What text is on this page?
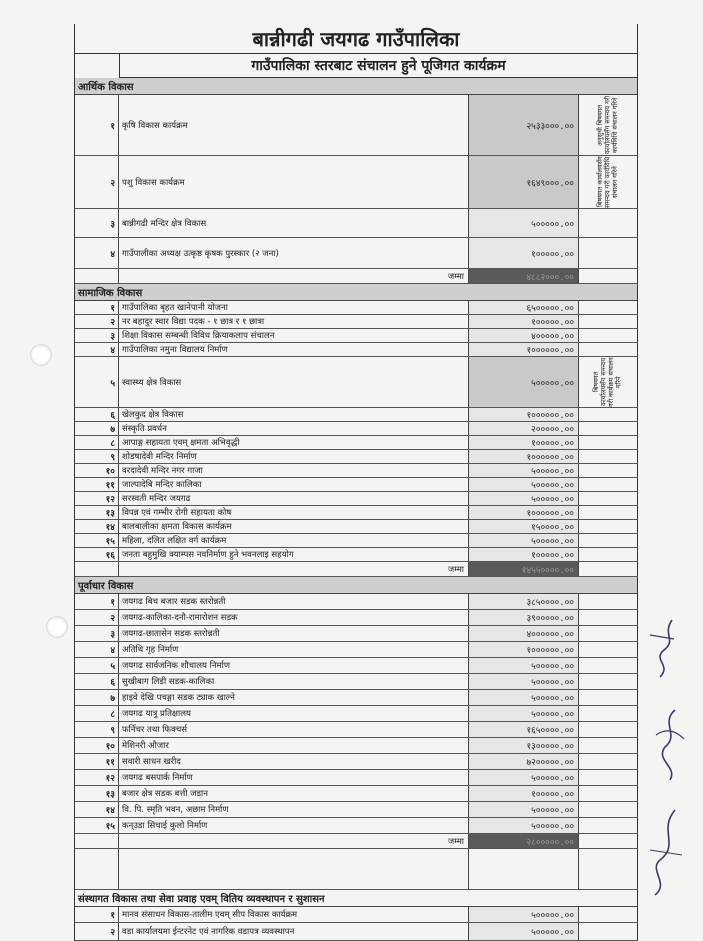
बान्नीगढी जयगढ गाउँपालिका
गाउँपालिका स्तरबाट संचालन हुने पूजिगत कार्यक्रम
आर्थिक विकास
१ कृषि विकास कार्यक्रम	२५३३०००.००	अनुसुची बिषयगत कार्यालयसँग समन्वय गरी कार्यविधि संचालन गरिने
२ पशु विकास कार्यक्रम	१६४९०००.००	बिषयगत कार्यालयसँग समन्वय गरी कार्यविधि संचालन गरिने
३ बान्नीगढी मन्दिर क्षेत्र विकास	५०००००.००
४ गाउँपालीका अध्यक्ष उत्कृष्ठ कृषक पुरस्कार (२ जना)	१०००००.००
जम्मा	४८८२०००.००
सामाजिक विकास
१ गाउँपालिका बृहत खानेपानी योजना	६५०००००.००
२ नर बहादुर स्वार विद्या पदक - १ छात्र र १ छात्रा	१०००००.००
३ शिक्षा विकास सम्बन्धी विविध क्रियाकलाप संचालन	४०००००.००
४ गाउँपालिका नमुना विद्यालय निर्माण	१००००००.००
५ स्वास्थ्य क्षेत्र विकास	५०००००.००	बिषयगत कार्यालयसँग समन्वय गरी कार्यक्रम संचालन गरिने
६ खेलकुद क्षेत्र विकास	१००००००.००
७ संस्कृति प्रवर्धन	२०००००.००
८ आपाङ्ग सहायता एवम् क्षमता अभिवृद्धी	१०००००.००
९ शोडषादेवी मन्दिर निर्माण	१००००००.००
१० वरदादेवी मन्दिर नगर गाजा	५०००००.००
११ जाल्पादेबि मन्दिर कालिका	५०००००.००
१२ सरस्वती मन्दिर जयगढ	५०००००.००
१३ विपन्न एवं गम्भीर रोगी सहायता कोष	१००००००.००
१४ बालबालीका क्षमता विकास कार्यक्रम	१५००००.००
१५ महिला, दलित लक्षित वर्ग कार्यक्रम	५०००००.००
१६ जनता बहुमुखि क्याम्पस नवनिर्माण हुने भवनलाइ सहयोग	१०००००.००
जम्मा	१४५५००००.००
पूर्वाधार विकास
१ जयगढ बिच बजार सडक स्तरोन्नती	३८५००००.००
२ जयगढ-कालिका-दनौ-रामारोशन सडक	३९०००००.००
३ जयगढ-छातासेन सडक स्तरोन्नती	४००००००.००
४ अतिथि गृह निर्माण	१००००००.००
५ जयगढ सार्वजनिक शौचालय निर्माण	५०००००.००
६ सुखीबाग लिडी सडक-कालिका	५०००००.००
७ हाइवे देखि पचङ्गा सडक ट्याक खाल्ने	५०००००.००
८ जयगढ यात्रु प्रतिक्षालय	५०००००.००
९ फर्निचर तथा फिक्चर्स	१६५००००.००
१० मेशिनरी औजार	१३०००००.००
११ सवारी साधन खरीद	७२०००००.००
१२ जयगढ बसपार्क निर्माण	५०००००.००
१३ बजार क्षेत्र सडक बत्ती जडान	१०००००.००
१४ वि. पि. स्मृति भवन, अछाम निर्माण	५०००००.००
१५ कन्उडा सिचाई कुलो निर्माण	५०००००.००
जम्मा	२८०००००.००
संस्थागत विकास तथा सेवा प्रवाह एवम् वितिय व्यवस्थापन र सुशासन
१ मानव संसाधन विकास-तालीम एवम् सीप विकास कार्यक्रम	५०००००.००
२ वडा कार्यालयमा ईन्टरनेट एवं नागरिक वडापत्र व्यवस्थापन	५०००००.००
